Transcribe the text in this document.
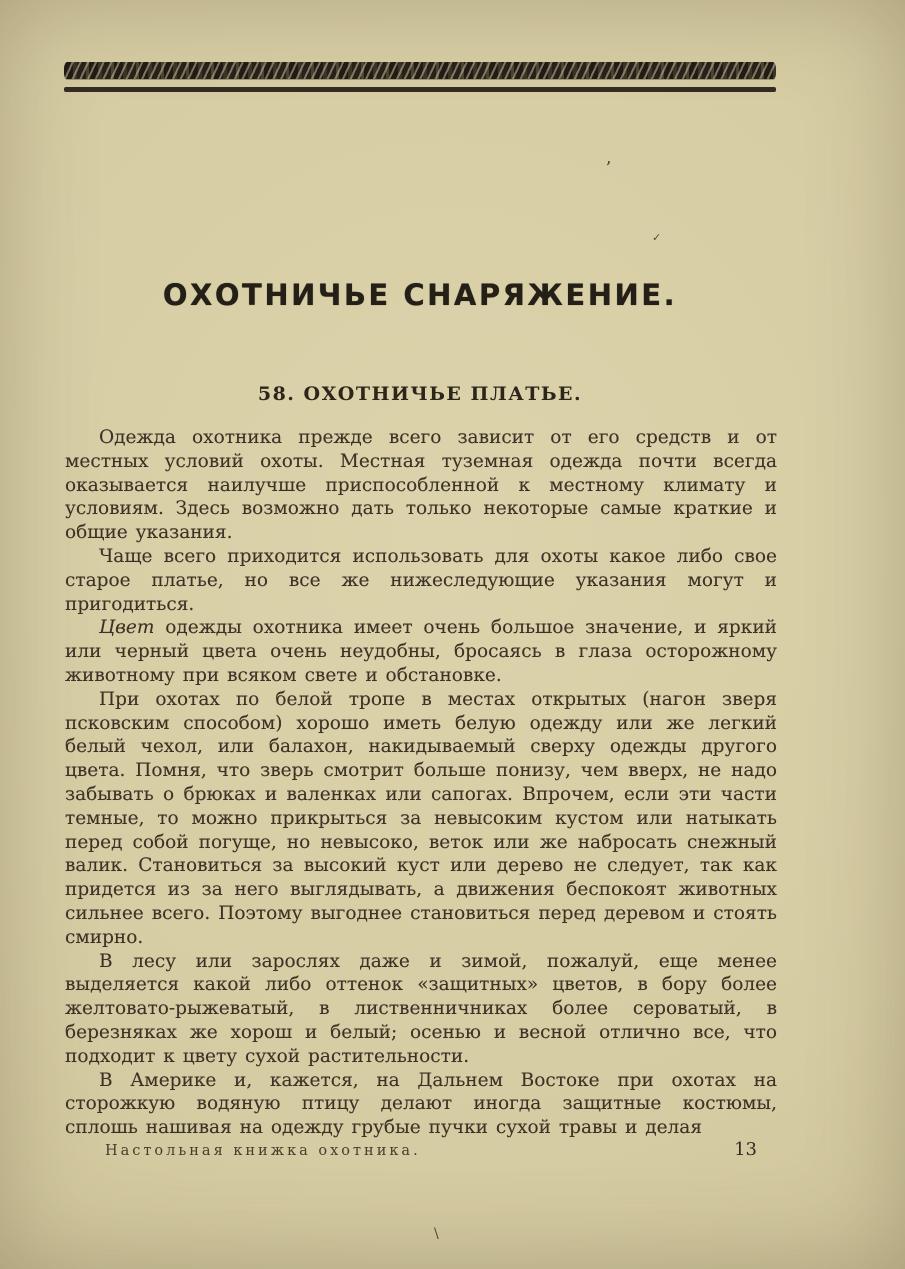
ʼ
✓
ОХОТНИЧЬЕ СНАРЯЖЕНИЕ.
58. ОХОТНИЧЬЕ ПЛАТЬЕ.

Одежда охотника прежде всего зависит от его средств и от местных условий охоты. Местная туземная одежда почти всегда оказывается наилучше приспособленной к местному климату и условиям. Здесь возможно дать только некоторые самые краткие и общие указания.

Чаще всего приходится использовать для охоты какое либо свое старое платье, но все же нижеследующие указания могут и пригодиться.

Цвет одежды охотника имеет очень большое значение, и яркий или черный цвета очень неудобны, бросаясь в глаза осторожному животному при всяком свете и обстановке.

При охотах по белой тропе в местах открытых (нагон зверя псковским способом) хорошо иметь белую одежду или же легкий белый чехол, или балахон, накидываемый сверху одежды другого цвета. Помня, что зверь смотрит больше понизу, чем вверх, не надо забывать о брюках и валенках или сапогах. Впрочем, если эти части темные, то можно прикрыться за невысоким кустом или натыкать перед собой погуще, но невысоко, веток или же набросать снежный валик. Становиться за высокий куст или дерево не следует, так как придется из за него выглядывать, а движения беспокоят животных сильнее всего. Поэтому выгоднее становиться перед деревом и стоять смирно.

В лесу или зарослях даже и зимой, пожалуй, еще менее выделяется какой либо оттенок «защитных» цветов, в бору более желтовато-рыжеватый, в лиственничниках более сероватый, в березняках же хорош и белый; осенью и весной отлично все, что подходит к цвету сухой растительности.

В Америке и, кажется, на Дальнем Востоке при охотах на сторожкую водяную птицу делают иногда защитные костюмы, сплошь нашивая на одежду грубые пучки сухой травы и делая

Настольная книжка охотника.	13
\
